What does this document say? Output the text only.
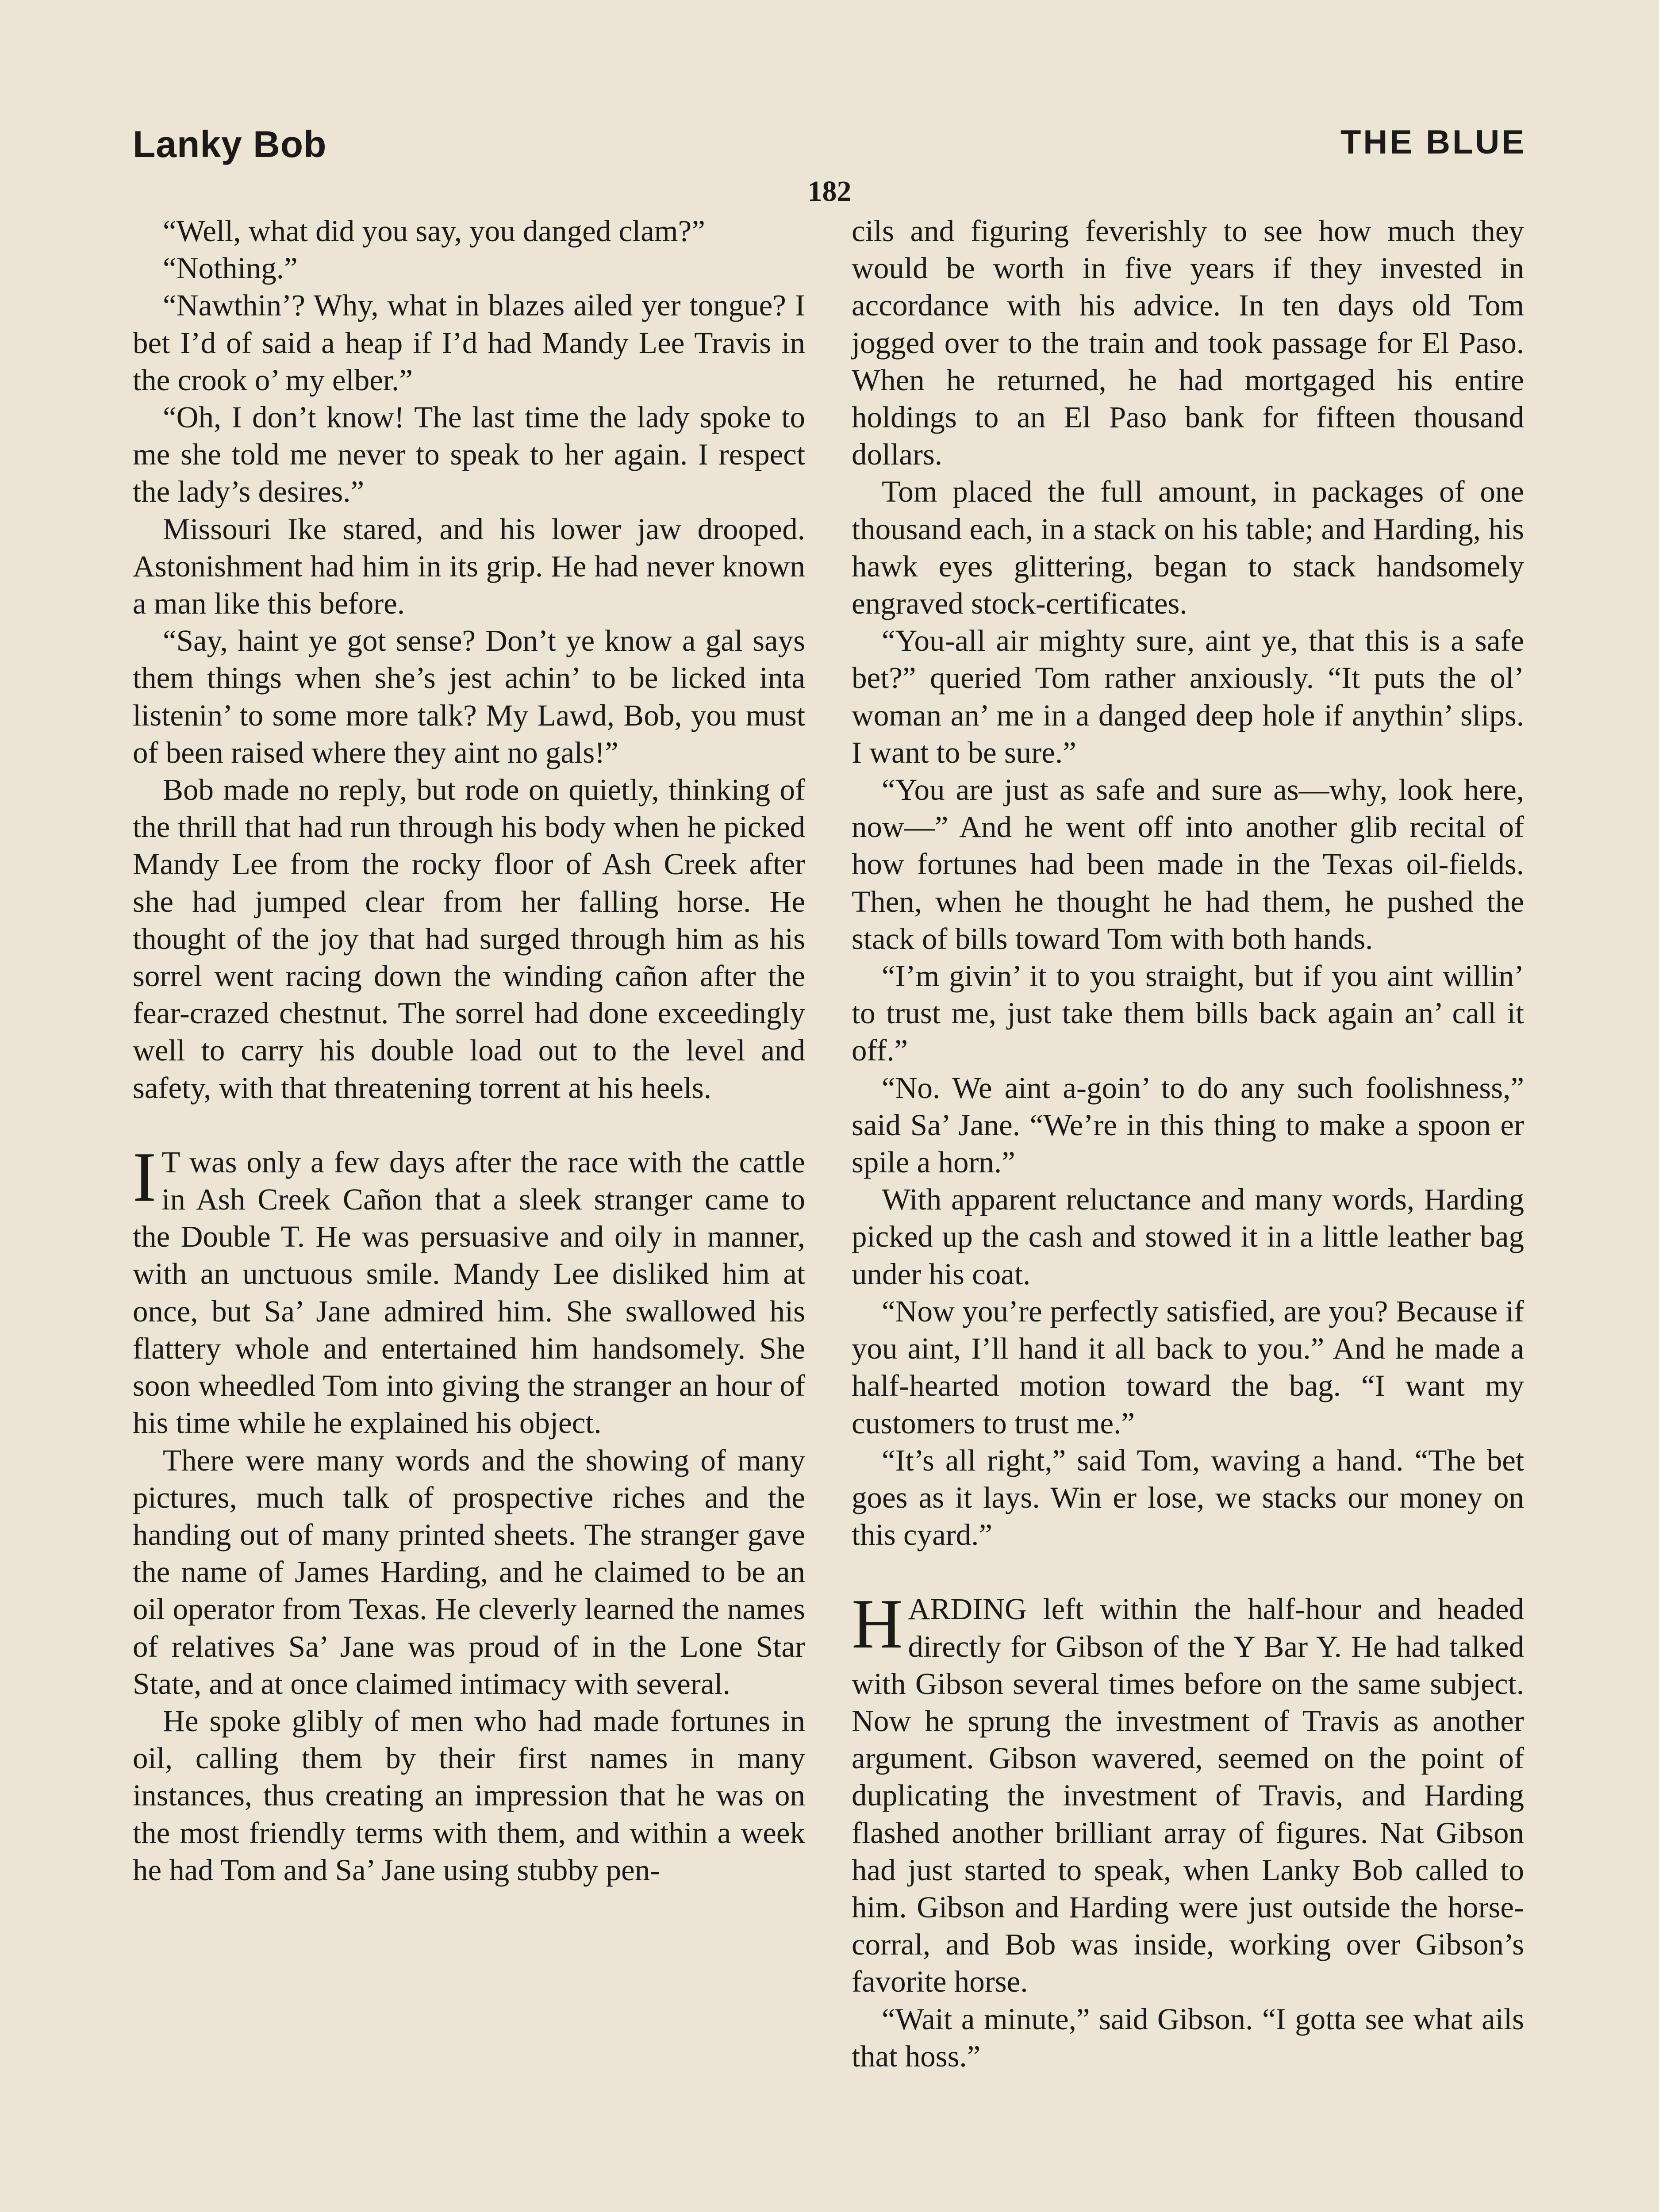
Lanky Bob	THE BLUE
182

“Well, what did you say, you danged clam?”

“Nothing.”

“Nawthin’? Why, what in blazes ailed yer tongue? I bet I’d of said a heap if I’d had Mandy Lee Travis in the crook o’ my elber.”

“Oh, I don’t know! The last time the lady spoke to me she told me never to speak to her again. I respect the lady’s desires.”

Missouri Ike stared, and his lower jaw drooped. Astonishment had him in its grip. He had never known a man like this before.

“Say, haint ye got sense? Don’t ye know a gal says them things when she’s jest achin’ to be licked inta listenin’ to some more talk? My Lawd, Bob, you must of been raised where they aint no gals!”

Bob made no reply, but rode on quietly, thinking of the thrill that had run through his body when he picked Mandy Lee from the rocky floor of Ash Creek after she had jumped clear from her falling horse. He thought of the joy that had surged through him as his sorrel went racing down the winding cañon after the fear-crazed chestnut. The sorrel had done exceedingly well to carry his double load out to the level and safety, with that threatening torrent at his heels.

I T was only a few days after the race with the cattle in Ash Creek Cañon that a sleek stranger came to the Double T. He was persuasive and oily in manner, with an unctuous smile. Mandy Lee disliked him at once, but Sa’ Jane admired him. She swallowed his flattery whole and entertained him handsomely. She soon wheedled Tom into giving the stranger an hour of his time while he explained his object.

There were many words and the showing of many pictures, much talk of prospective riches and the handing out of many printed sheets. The stranger gave the name of James Harding, and he claimed to be an oil operator from Texas. He cleverly learned the names of relatives Sa’ Jane was proud of in the Lone Star State, and at once claimed intimacy with several.

He spoke glibly of men who had made fortunes in oil, calling them by their first names in many instances, thus creating an impression that he was on the most friendly terms with them, and within a week he had Tom and Sa’ Jane using stubby pen-

cils and figuring feverishly to see how much they would be worth in five years if they invested in accordance with his advice. In ten days old Tom jogged over to the train and took passage for El Paso. When he returned, he had mortgaged his entire holdings to an El Paso bank for fifteen thousand dollars.

Tom placed the full amount, in packages of one thousand each, in a stack on his table; and Harding, his hawk eyes glittering, began to stack handsomely engraved stock-certificates.

“You-all air mighty sure, aint ye, that this is a safe bet?” queried Tom rather anxiously. “It puts the ol’ woman an’ me in a danged deep hole if anythin’ slips. I want to be sure.”

“You are just as safe and sure as—why, look here, now—” And he went off into another glib recital of how fortunes had been made in the Texas oil-fields. Then, when he thought he had them, he pushed the stack of bills toward Tom with both hands.

“I’m givin’ it to you straight, but if you aint willin’ to trust me, just take them bills back again an’ call it off.”

“No. We aint a-goin’ to do any such foolishness,” said Sa’ Jane. “We’re in this thing to make a spoon er spile a horn.”

With apparent reluctance and many words, Harding picked up the cash and stowed it in a little leather bag under his coat.

“Now you’re perfectly satisfied, are you? Because if you aint, I’ll hand it all back to you.” And he made a half-hearted motion toward the bag. “I want my customers to trust me.”

“It’s all right,” said Tom, waving a hand. “The bet goes as it lays. Win er lose, we stacks our money on this cyard.”

HARDING left within the half-hour and headed directly for Gibson of the Y Bar Y. He had talked with Gibson several times before on the same subject. Now he sprung the investment of Travis as another argument. Gibson wavered, seemed on the point of duplicating the investment of Travis, and Harding flashed another brilliant array of figures. Nat Gibson had just started to speak, when Lanky Bob called to him. Gibson and Harding were just outside the horse-corral, and Bob was inside, working over Gibson’s favorite horse.

“Wait a minute,” said Gibson. “I gotta see what ails that hoss.”
